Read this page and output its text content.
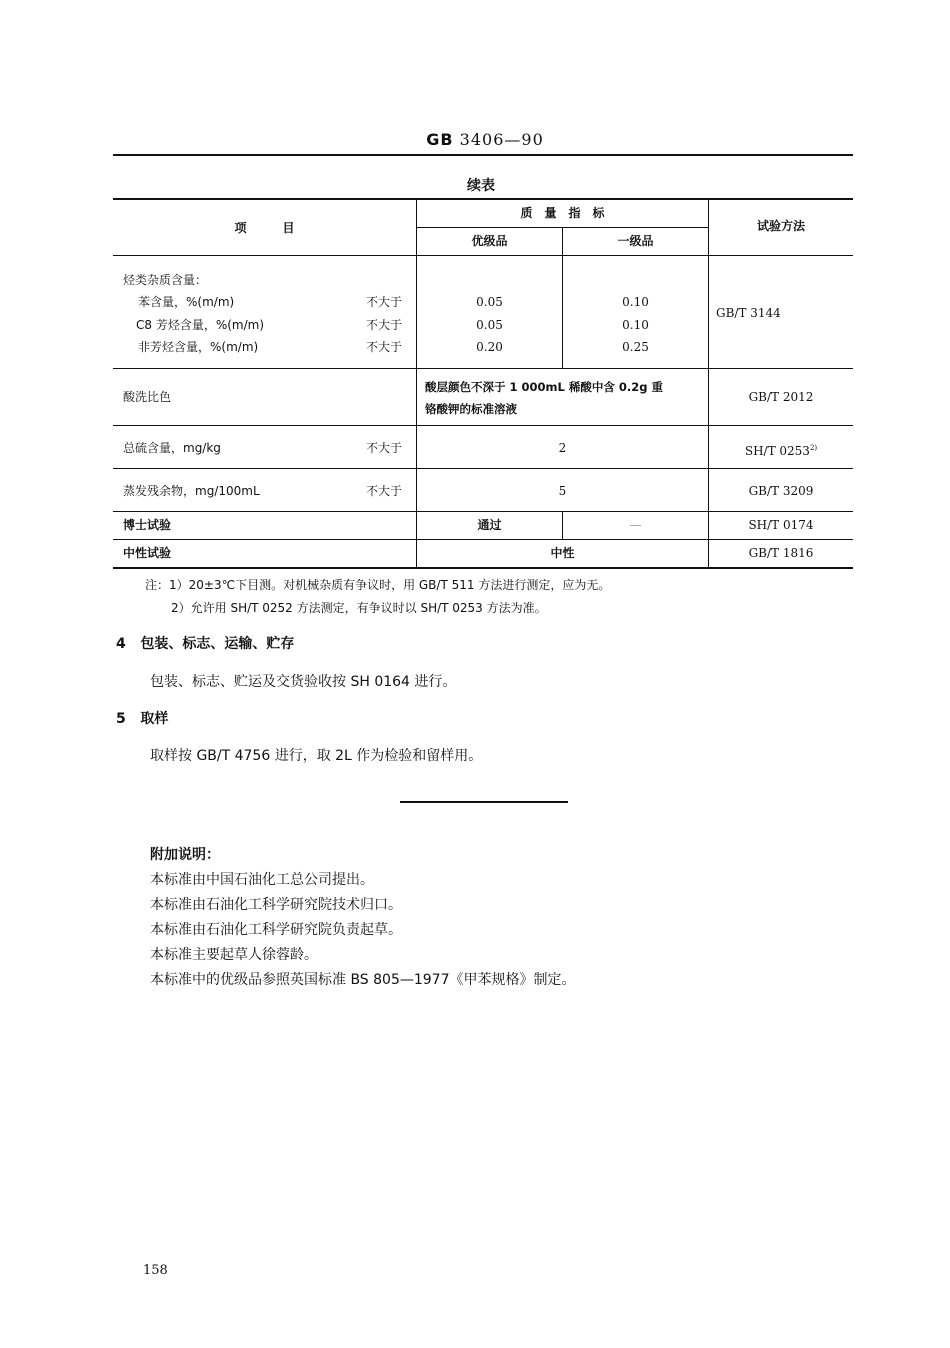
GB 3406—90
续表
项　　　目
质　量　指　标
优级品	一级品
试验方法
烃类杂质含量：
苯含量，%(m/m)	不大于	0.05	0.10
C8 芳烃含量，%(m/m)	不大于	0.05	0.10
非芳烃含量，%(m/m)	不大于	0.20	0.25
GB/T 3144
酸洗比色
酸层颜色不深于 1 000mL 稀酸中含 0.2g 重
铬酸钾的标准溶液
GB/T 2012
总硫含量，mg/kg	不大于	2	SH/T 0253$^{2)}$
蒸发残余物，mg/100mL	不大于	5	GB/T 3209
博士试验	通过	—	SH/T 0174
中性试验	中性	GB/T 1816
注：1）20±3℃下目测。对机械杂质有争议时，用 GB/T 511 方法进行测定，应为无。
2）允许用 SH/T 0252 方法测定，有争议时以 SH/T 0253 方法为准。
4 包装、标志、运输、贮存
包装、标志、贮运及交货验收按 SH 0164 进行。
5 取样
取样按 GB/T 4756 进行，取 2L 作为检验和留样用。
附加说明：
本标准由中国石油化工总公司提出。
本标准由石油化工科学研究院技术归口。
本标准由石油化工科学研究院负责起草。
本标准主要起草人徐蓉龄。
本标准中的优级品参照英国标准 BS 805—1977《甲苯规格》制定。
158
